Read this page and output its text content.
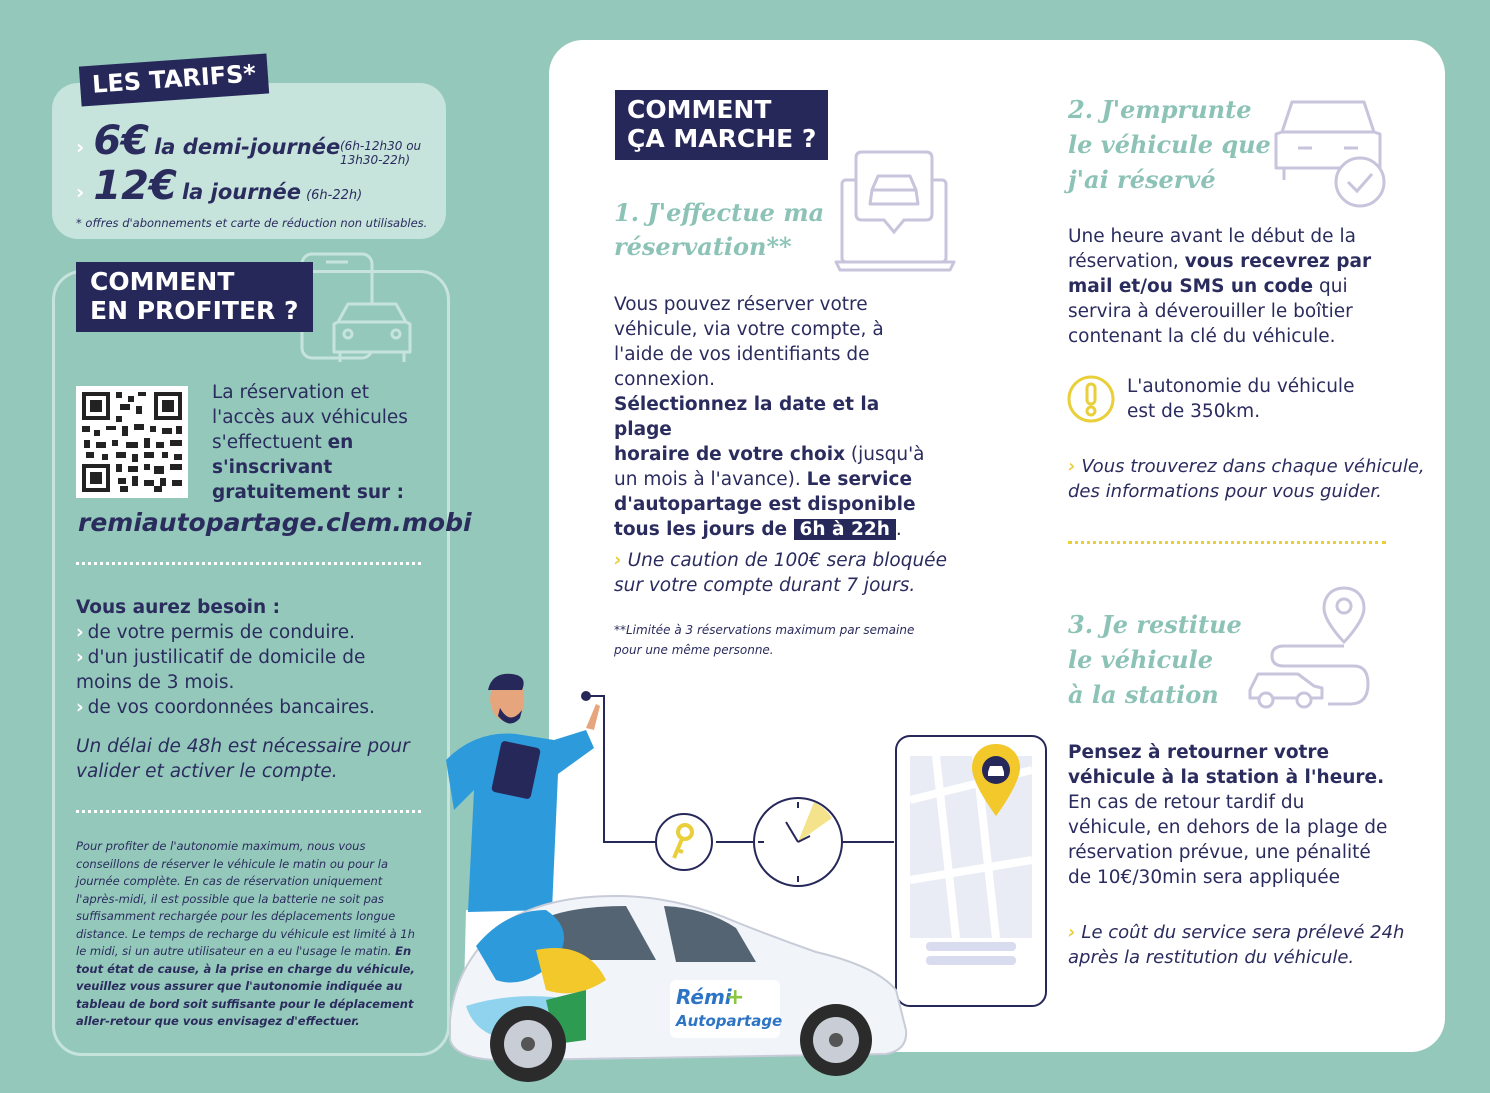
LES TARIFS*
› 6€ la demi-journée (6h-12h30 ou
13h30-22h)
› 12€ la journée (6h-22h)
* offres d'abonnements et carte de réduction non utilisables.
COMMENT
EN PROFITER ?
La réservation et
l'accès aux véhicules
s'effectuent en
s'inscrivant
gratuitement sur :
remiautopartage.clem.mobi
Vous aurez besoin :
› de votre permis de conduire.
› d'un justilicatif de domicile de
moins de 3 mois.
› de vos coordonnées bancaires.
Un délai de 48h est nécessaire pour
valider et activer le compte.
Pour profiter de l'autonomie maximum, nous vous conseillons de réserver le véhicule le matin ou pour la journée complète. En cas de réservation uniquement l'après-midi, il est possible que la batterie ne soit pas suffisamment rechargée pour les déplacements longue distance. Le temps de recharge du véhicule est limité à 1h le midi, si un autre utilisateur en a eu l'usage le matin. En tout état de cause, à la prise en charge du véhicule, veuillez vous assurer que l'autonomie indiquée au tableau de bord soit suffisante pour le déplacement aller-retour que vous envisagez d'effectuer.
COMMENT
ÇA MARCHE ?
1. J'effectue ma
réservation**
Vous pouvez réserver votre
véhicule, via votre compte, à
l'aide de vos identifiants de
connexion.
Sélectionnez la date et la plage
horaire de votre choix (jusqu'à
un mois à l'avance). Le service
d'autopartage est disponible
tous les jours de 6h à 22h .
› Une caution de 100€ sera bloquée
sur votre compte durant 7 jours.
**Limitée à 3 réservations maximum par semaine
pour une même personne.
2. J'emprunte
le véhicule que
j'ai réservé
Une heure avant le début de la
réservation, vous recevrez par
mail et/ou SMS un code qui
servira à déverouiller le boîtier
contenant la clé du véhicule.
L'autonomie du véhicule
est de 350km.
› Vous trouverez dans chaque véhicule,
des informations pour vous guider.
3. Je restitue
le véhicule
à la station
Pensez à retourner votre
véhicule à la station à l'heure.
En cas de retour tardif du
véhicule, en dehors de la plage de
réservation prévue, une pénalité
de 10€/30min sera appliquée
› Le coût du service sera prélevé 24h
après la restitution du véhicule.
Rémi
+
Autopartage
